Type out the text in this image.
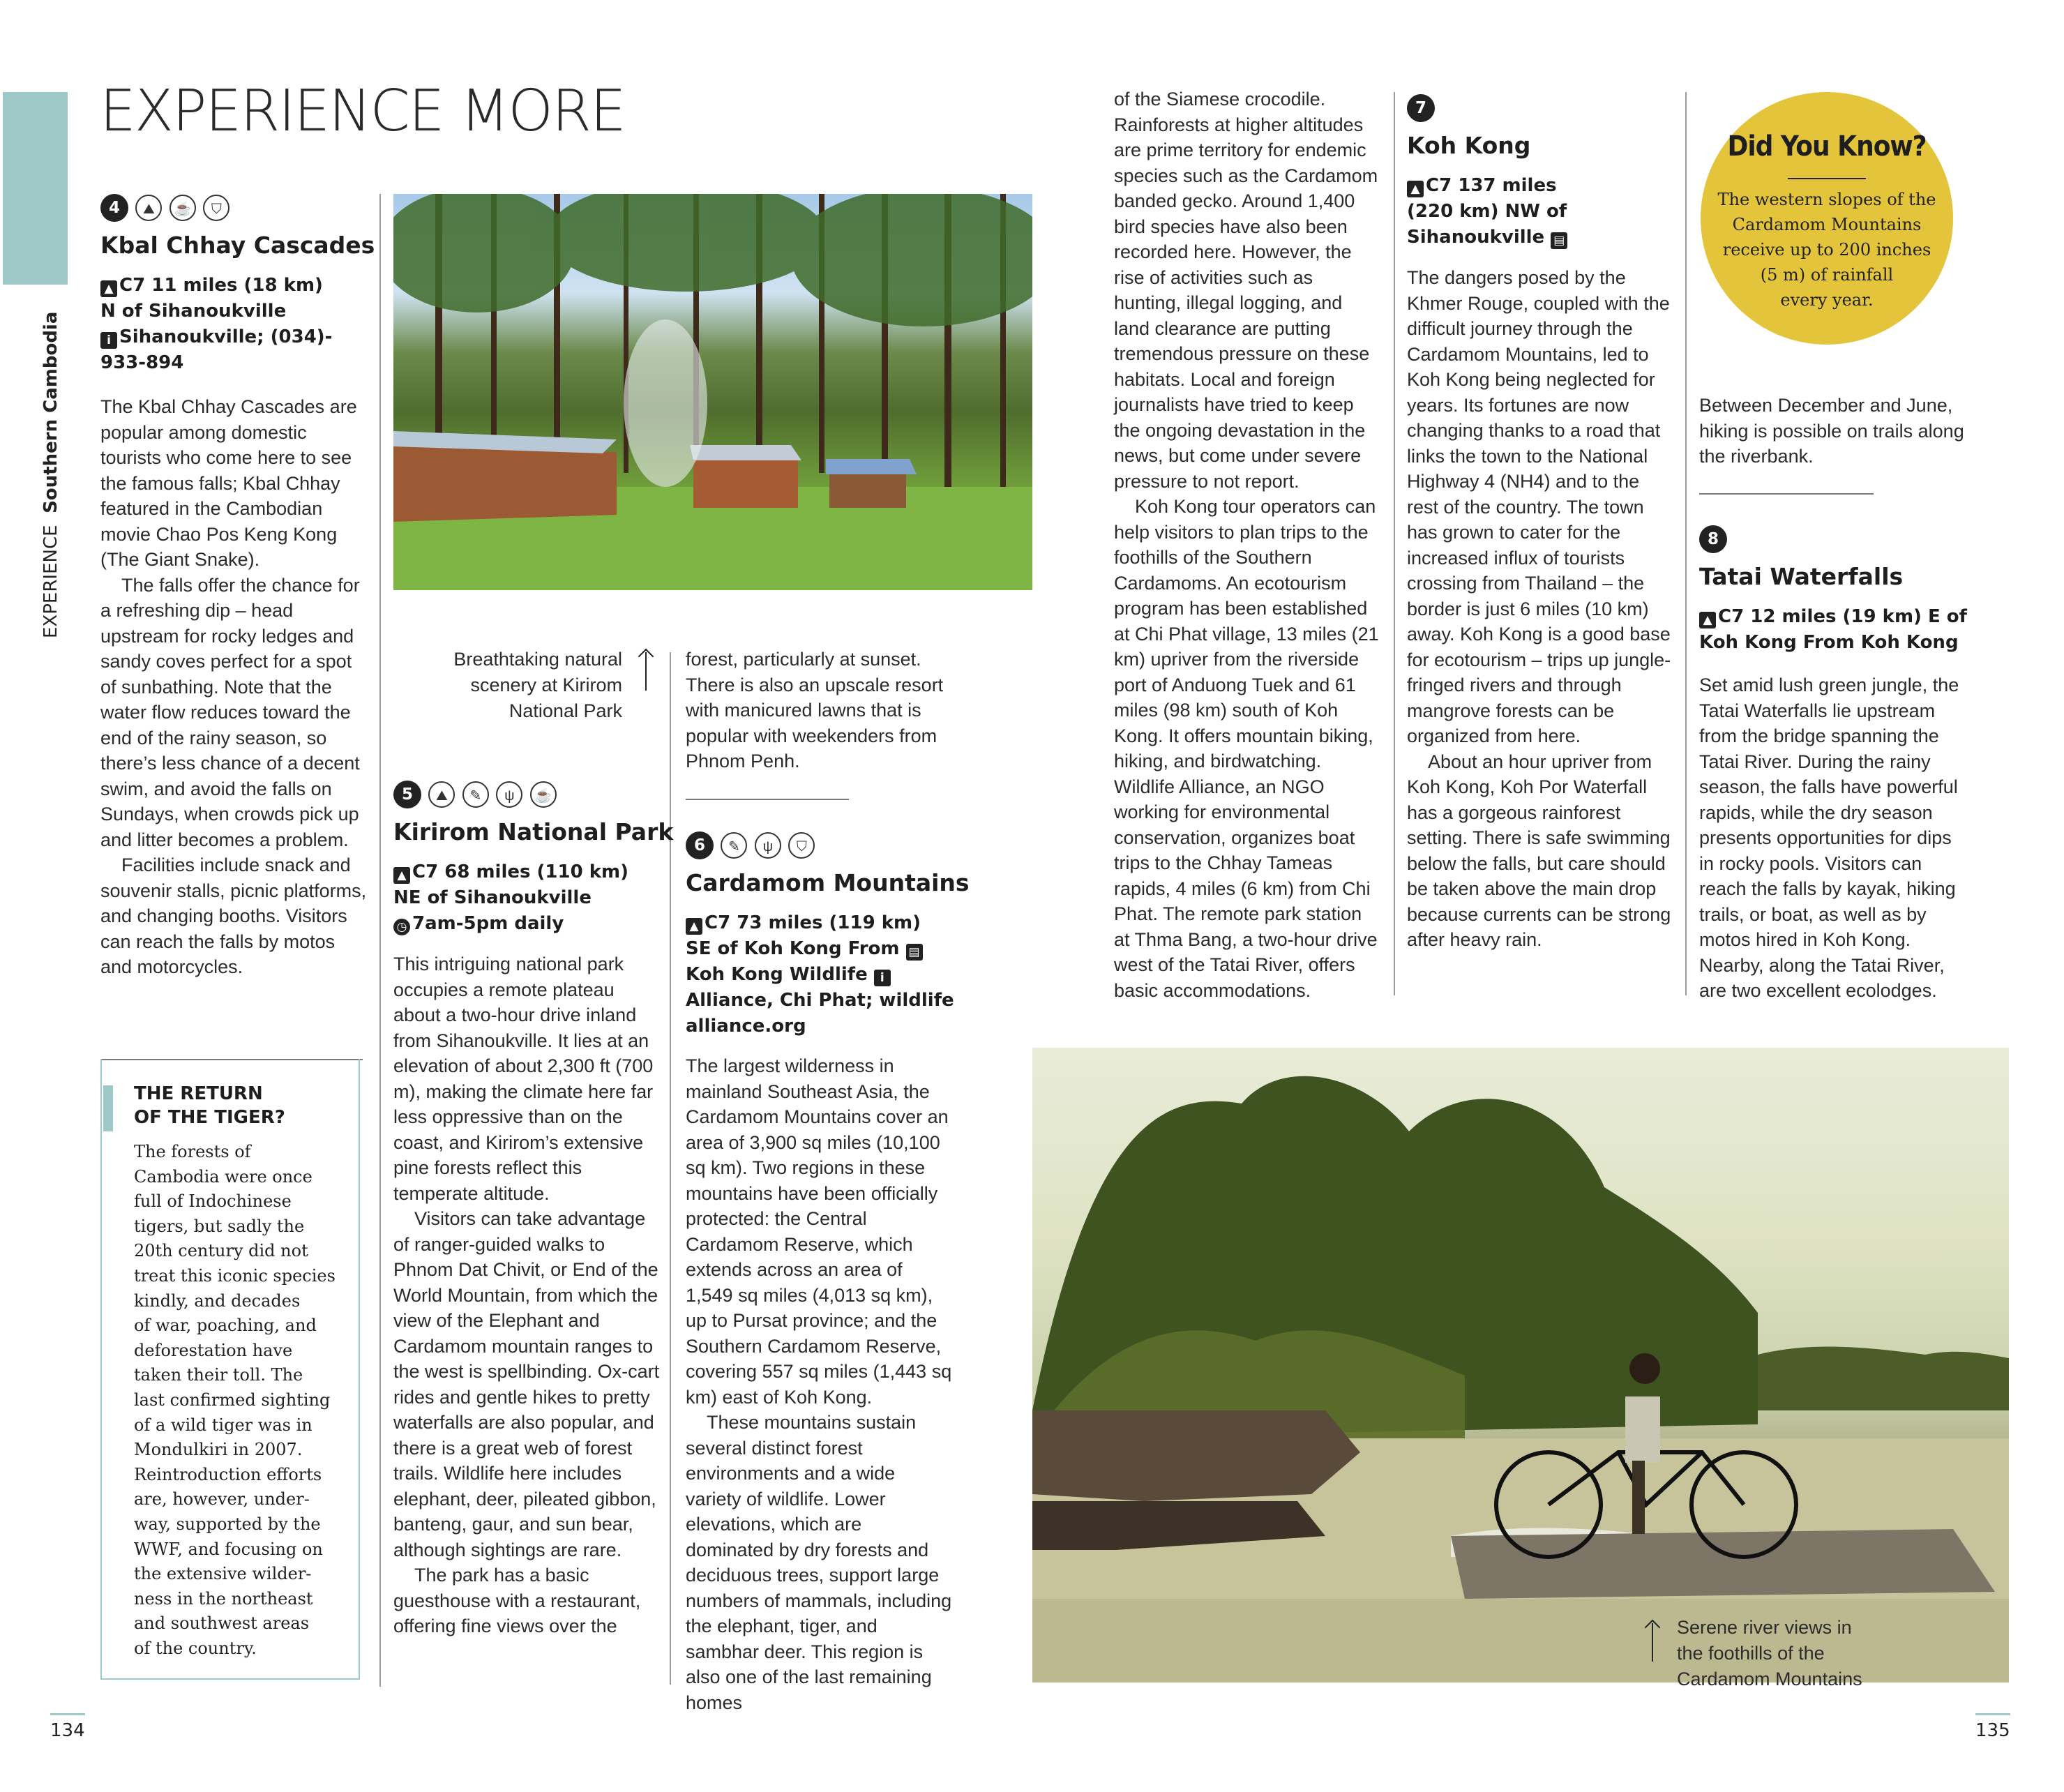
EXPERIENCE  Southern Cambodia
EXPERIENCE MORE
4 ⛰ ☕ ⛉
Kbal Chhay Cascades
▲ C7 11 miles (18 km)
N of Sihanoukville
i Sihanoukville; (034)-
933-894

The Kbal Chhay Cascades are popular among domestic tourists who come here to see the famous falls; Kbal Chhay featured in the Cambodian movie Chao Pos Keng Kong (The Giant Snake).

The falls offer the chance for a refreshing dip – head upstream for rocky ledges and sandy coves perfect for a spot of sunbathing. Note that the water flow reduces toward the end of the rainy season, so there’s less chance of a decent swim, and avoid the falls on Sundays, when crowds pick up and litter becomes a problem.

Facilities include snack and souvenir stalls, picnic platforms, and changing booths. Visitors can reach the falls by motos and motorcycles.

THE RETURN
OF THE TIGER?
The forests of
Cambodia were once
full of Indochinese
tigers, but sadly the
20th century did not
treat this iconic species
kindly, and decades
of war, poaching, and
deforestation have
taken their toll. The
last confirmed sighting
of a wild tiger was in
Mondulkiri in 2007.
Reintroduction efforts
are, however, under-
way, supported by the
WWF, and focusing on
the extensive wilder-
ness in the northeast
and southwest areas
of the country.
Breathtaking natural
scenery at Kirirom
National Park
5 ⛰ ✎ ψ ☕
Kirirom National Park
▲ C7 68 miles (110 km)
NE of Sihanoukville
◷ 7am-5pm daily

This intriguing national park occupies a remote plateau about a two-hour drive inland from Sihanoukville. It lies at an elevation of about 2,300 ft (700 m), making the climate here far less oppressive than on the coast, and Kirirom’s extensive pine forests reflect this temperate altitude.

Visitors can take advantage of ranger-guided walks to Phnom Dat Chivit, or End of the World Mountain, from which the view of the Elephant and Cardamom mountain ranges to the west is spellbinding. Ox-cart rides and gentle hikes to pretty waterfalls are also popular, and there is a great web of forest trails. Wildlife here includes elephant, deer, pileated gibbon, banteng, gaur, and sun bear, although sightings are rare.

The park has a basic guesthouse with a restaurant, offering fine views over the

forest, particularly at sunset. There is also an upscale resort with manicured lawns that is popular with weekenders from Phnom Penh.

6 ✎ ψ ⛉
Cardamom Mountains
▲ C7 73 miles (119 km)
SE of Koh Kong From ▤
Koh Kong Wildlife i
Alliance, Chi Phat; wildlife
alliance.org

The largest wilderness in mainland Southeast Asia, the Cardamom Mountains cover an area of 3,900 sq miles (10,100 sq km). Two regions in these mountains have been officially protected: the Central Cardamom Reserve, which extends across an area of 1,549 sq miles (4,013 sq km), up to Pursat province; and the Southern Cardamom Reserve, covering 557 sq miles (1,443 sq km) east of Koh Kong.

These mountains sustain several distinct forest environments and a wide variety of wildlife. Lower elevations, which are dominated by dry forests and deciduous trees, support large numbers of mammals, including the elephant, tiger, and sambhar deer. This region is also one of the last remaining homes

of the Siamese crocodile. Rainforests at higher altitudes are prime territory for endemic species such as the Cardamom banded gecko. Around 1,400 bird species have also been recorded here. However, the rise of activities such as hunting, illegal logging, and land clearance are putting tremendous pressure on these habitats. Local and foreign journalists have tried to keep the ongoing devastation in the news, but come under severe pressure to not report.

Koh Kong tour operators can help visitors to plan trips to the foothills of the Southern Cardamoms. An ecotourism program has been established at Chi Phat village, 13 miles (21 km) upriver from the riverside port of Anduong Tuek and 61 miles (98 km) south of Koh Kong. It offers mountain biking, hiking, and birdwatching. Wildlife Alliance, an NGO working for environmental conservation, organizes boat trips to the Chhay Tameas rapids, 4 miles (6 km) from Chi Phat. The remote park station at Thma Bang, a two-hour drive west of the Tatai River, offers basic accommodations.

7
Koh Kong
▲ C7 137 miles
(220 km) NW of
Sihanoukville ▤

The dangers posed by the Khmer Rouge, coupled with the difficult journey through the Cardamom Mountains, led to Koh Kong being neglected for years. Its fortunes are now changing thanks to a road that links the town to the National Highway 4 (NH4) and to the rest of the country. The town has grown to cater for the increased influx of tourists crossing from Thailand – the border is just 6 miles (10 km) away. Koh Kong is a good base for ecotourism – trips up jungle-fringed rivers and through mangrove forests can be organized from here.

About an hour upriver from Koh Kong, Koh Por Waterfall has a gorgeous rainforest setting. There is safe swimming below the falls, but care should be taken above the main drop because currents can be strong after heavy rain.

Did You Know?
The western slopes of the
Cardamom Mountains
receive up to 200 inches
(5 m) of rainfall
every year.

Between December and June, hiking is possible on trails along the riverbank.

8
Tatai Waterfalls
▲ C7 12 miles (19 km) E of
Koh Kong From Koh Kong

Set amid lush green jungle, the Tatai Waterfalls lie upstream from the bridge spanning the Tatai River. During the rainy season, the falls have powerful rapids, while the dry season presents opportunities for dips in rocky pools. Visitors can reach the falls by kayak, hiking trails, or boat, as well as by motos hired in Koh Kong. Nearby, along the Tatai River, are two excellent ecolodges.

Serene river views in
the foothills of the
Cardamom Mountains
134	135
